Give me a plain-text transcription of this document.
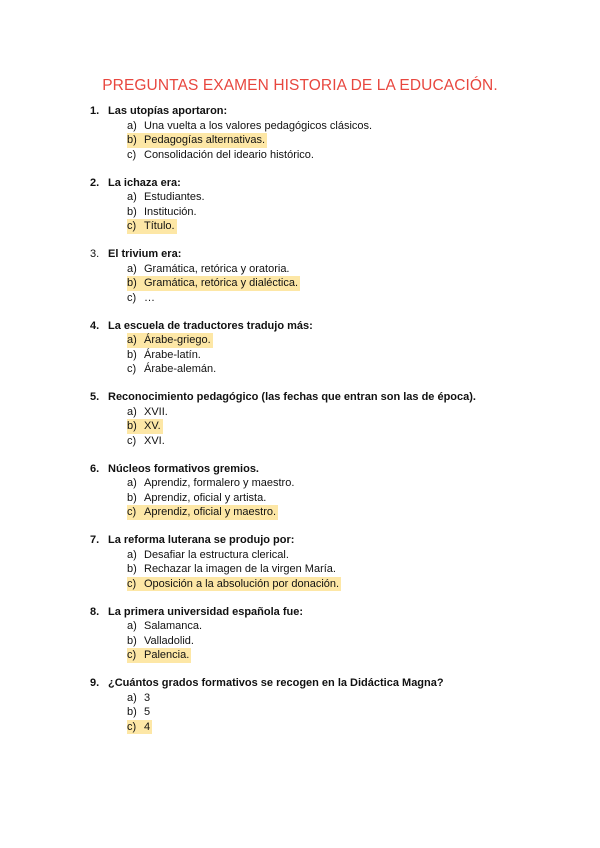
PREGUNTAS EXAMEN HISTORIA DE LA EDUCACIÓN.
1. Las utopías aportaron:
a) Una vuelta a los valores pedagógicos clásicos.
b) Pedagogías alternativas.
c) Consolidación del ideario histórico.
2. La ichaza era:
a) Estudiantes.
b) Institución.
c) Título.
3. El trivium era:
a) Gramática, retórica y oratoria.
b) Gramática, retórica y dialéctica.
c) …
4. La escuela de traductores tradujo más:
a) Árabe-griego.
b) Árabe-latín.
c) Árabe-alemán.
5. Reconocimiento pedagógico (las fechas que entran son las de época).
a) XVII.
b) XV.
c) XVI.
6. Núcleos formativos gremios.
a) Aprendiz, formalero y maestro.
b) Aprendiz, oficial y artista.
c) Aprendiz, oficial y maestro.
7. La reforma luterana se produjo por:
a) Desafiar la estructura clerical.
b) Rechazar la imagen de la virgen María.
c) Oposición a la absolución por donación.
8. La primera universidad española fue:
a) Salamanca.
b) Valladolid.
c) Palencia.
9. ¿Cuántos grados formativos se recogen en la Didáctica Magna?
a) 3
b) 5
c) 4
